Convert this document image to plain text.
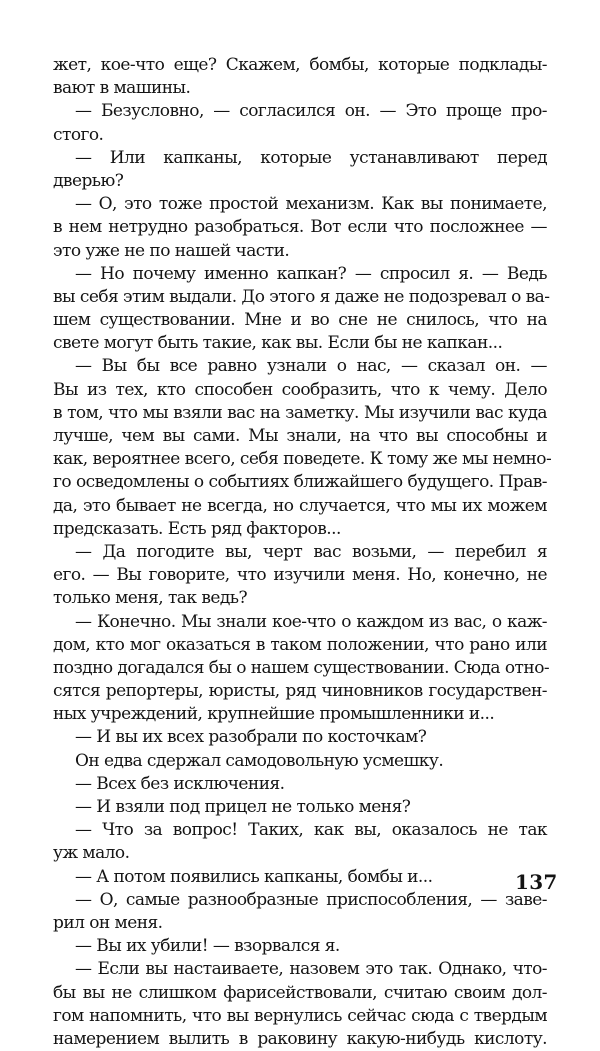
жет, кое-что еще? Скажем, бомбы, которые подклады-
вают в машины.
— Безусловно, — согласился он. — Это проще про-
стого.
— Или капканы, которые устанавливают перед
дверью?
— О, это тоже простой механизм. Как вы понимаете,
в нем нетрудно разобраться. Вот если что посложнее —
это уже не по нашей части.
— Но почему именно капкан? — спросил я. — Ведь
вы себя этим выдали. До этого я даже не подозревал о ва-
шем существовании. Мне и во сне не снилось, что на
свете могут быть такие, как вы. Если бы не капкан...
— Вы бы все равно узнали о нас, — сказал он. —
Вы из тех, кто способен сообразить, что к чему. Дело
в том, что мы взяли вас на заметку. Мы изучили вас куда
лучше, чем вы сами. Мы знали, на что вы способны и
как, вероятнее всего, себя поведете. К тому же мы немно-
го осведомлены о событиях ближайшего будущего. Прав-
да, это бывает не всегда, но случается, что мы их можем
предсказать. Есть ряд факторов...
— Да погодите вы, черт вас возьми, — перебил я
его. — Вы говорите, что изучили меня. Но, конечно, не
только меня, так ведь?
— Конечно. Мы знали кое-что о каждом из вас, о каж-
дом, кто мог оказаться в таком положении, что рано или
поздно догадался бы о нашем существовании. Сюда отно-
сятся репортеры, юристы, ряд чиновников государствен-
ных учреждений, крупнейшие промышленники и...
— И вы их всех разобрали по косточкам?
Он едва сдержал самодовольную усмешку.
— Всех без исключения.
— И взяли под прицел не только меня?
— Что за вопрос! Таких, как вы, оказалось не так
уж мало.
— А потом появились капканы, бомбы и...
— О, самые разнообразные приспособления, — заве-
рил он меня.
— Вы их убили! — взорвался я.
— Если вы настаиваете, назовем это так. Однако, что-
бы вы не слишком фарисействовали, считаю своим дол-
гом напомнить, что вы вернулись сейчас сюда с твердым
намерением вылить в раковину какую-нибудь кислоту.
137
